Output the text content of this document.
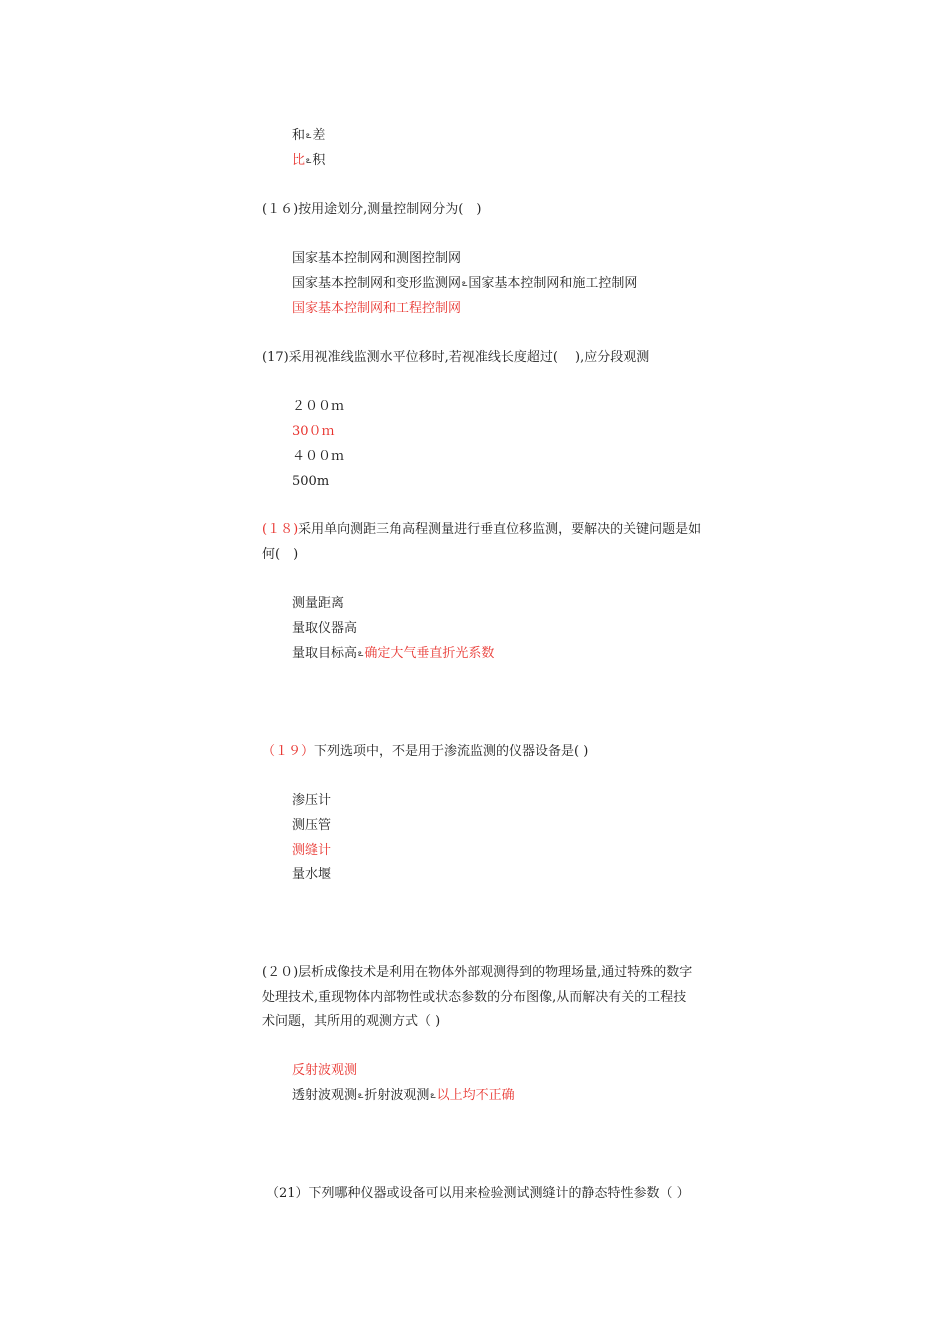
和ఽ差
比ఽ积
(１６)按用途划分,测量控制网分为(　)
国家基本控制网和测图控制网
国家基本控制网和变形监测网ఽ国家基本控制网和施工控制网
国家基本控制网和工程控制网
(17)采用视准线监测水平位移时,若视准线长度超过(　 ),应分段观测
２００ｍ
30０ｍ
４００ｍ
500m
(１８)采用单向测距三角高程测量进行垂直位移监测，要解决的关键问题是如
何(　)
测量距离
量取仪器高
量取目标高ఽ确定大气垂直折光系数
（１９）下列选项中，不是用于渗流监测的仪器设备是( )
渗压计
测压管
测缝计
量水堰
(２０)层析成像技术是利用在物体外部观测得到的物理场量,通过特殊的数字
处理技术,重现物体内部物性或状态参数的分布图像,从而解决有关的工程技
术问题，其所用的观测方式（ )
反射波观测
透射波观测ఽ折射波观测ఽ以上均不正确
（21）下列哪种仪器或设备可以用来检验测试测缝计的静态特性参数（ ）
